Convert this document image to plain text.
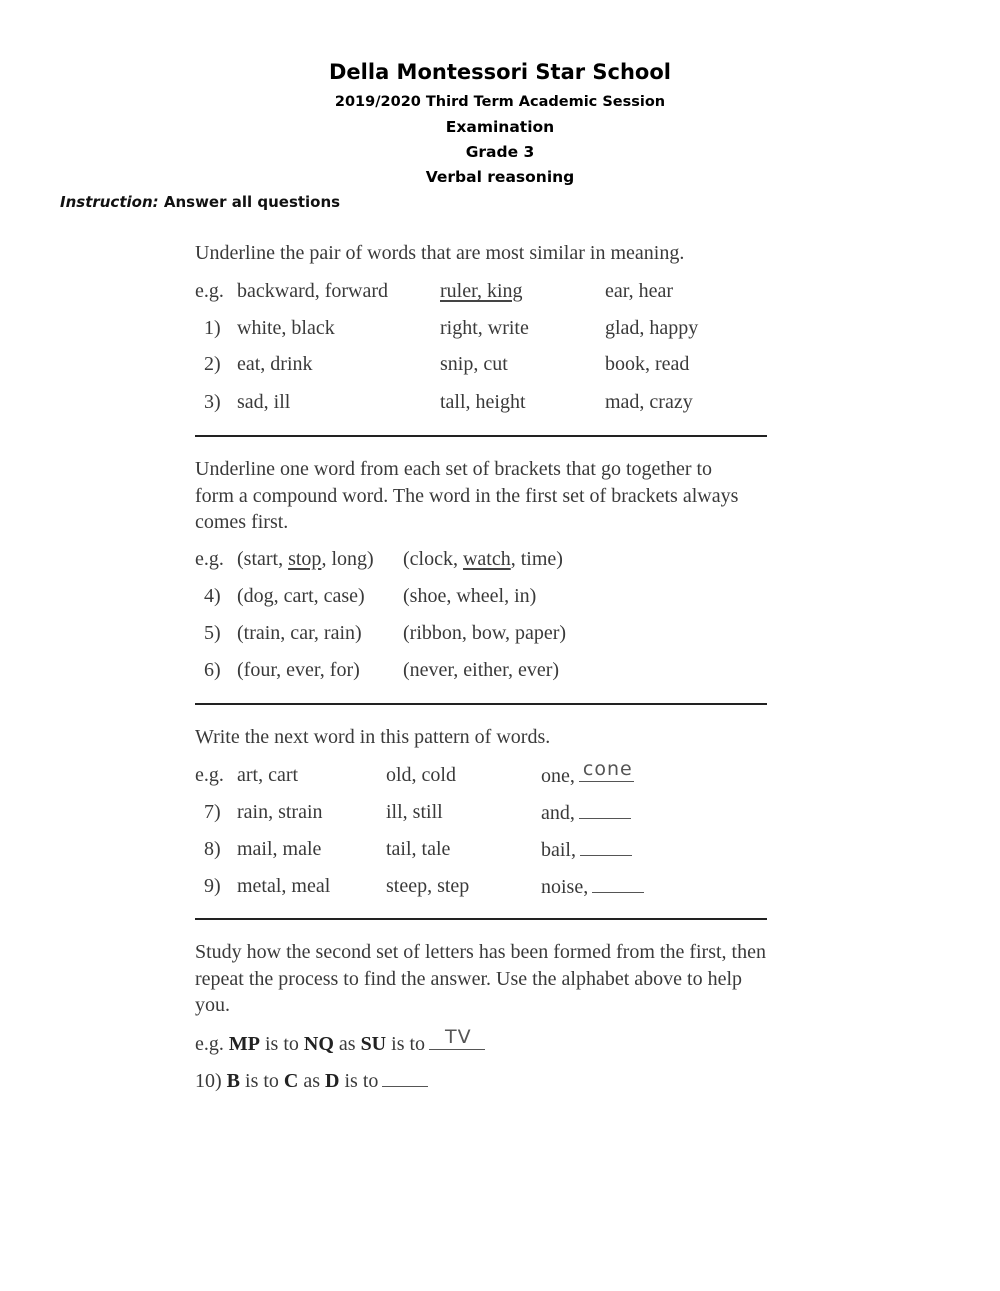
Della Montessori Star School
2019/2020 Third Term Academic Session
Examination
Grade 3
Verbal reasoning
Instruction: Answer all questions
Underline the pair of words that are most similar in meaning.
e.g. backward, forward	ruler, king	ear, hear
1) white, black	right, write	glad, happy
2) eat, drink	snip, cut	book, read
3) sad, ill	tall, height	mad, crazy
Underline one word from each set of brackets that go together to form a compound word. The word in the first set of brackets always comes first.
e.g. (start, stop, long) (clock, watch, time)
4) (dog, cart, case) (shoe, wheel, in)
5) (train, car, rain) (ribbon, bow, paper)
6) (four, ever, for) (never, either, ever)
Write the next word in this pattern of words.
e.g. art, cart	old, cold	one, cone
7) rain, strain	ill, still	and,
8) mail, male	tail, tale	bail,
9) metal, meal	steep, step	noise,
Study how the second set of letters has been formed from the first, then repeat the process to find the answer. Use the alphabet above to help you.
e.g. MP is to NQ as SU is to TV
10) B is to C as D is to
